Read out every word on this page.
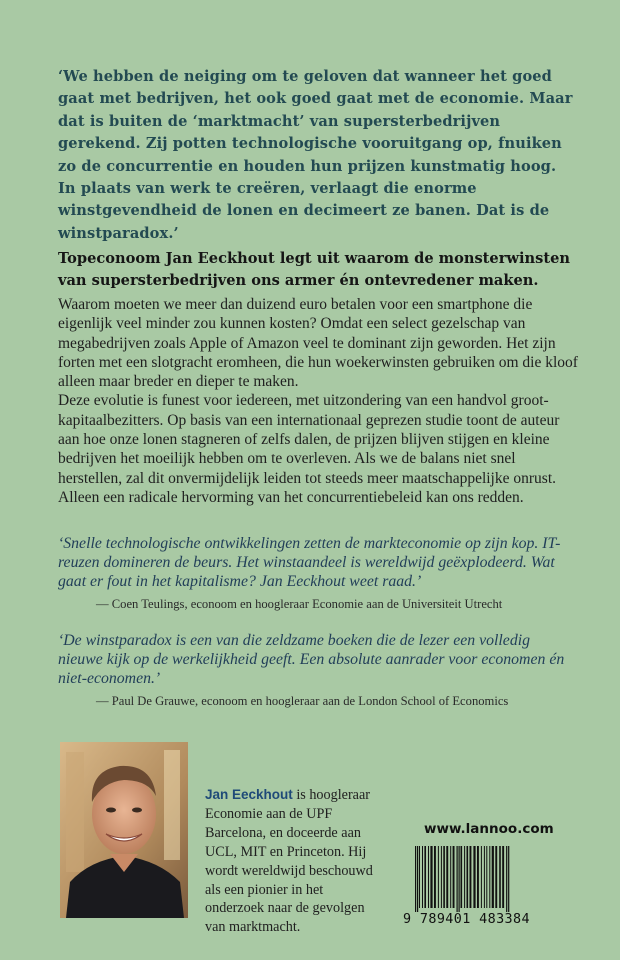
‘We hebben de neiging om te geloven dat wanneer het goed gaat met bedrijven, het ook goed gaat met de economie. Maar dat is buiten de ‘marktmacht’ van supersterbedrijven gerekend. Zij potten technologische vooruitgang op, fnuiken zo de concurrentie en houden hun prijzen kunstmatig hoog. In plaats van werk te creëren, verlaagt die enorme winstgevendheid de lonen en decimeert ze banen. Dat is de winstparadox.’
Topeconoom Jan Eeckhout legt uit waarom de monsterwinsten van supersterbedrijven ons armer én ontevredener maken.

Waarom moeten we meer dan duizend euro betalen voor een smartphone die eigenlijk veel minder zou kunnen kosten? Omdat een select gezelschap van megabedrijven zoals Apple of Amazon veel te dominant zijn geworden. Het zijn forten met een slotgracht eromheen, die hun woekerwinsten gebruiken om die kloof alleen maar breder en dieper te maken.

Deze evolutie is funest voor iedereen, met uitzondering van een handvol groot-kapitaalbezitters. Op basis van een internationaal geprezen studie toont de auteur aan hoe onze lonen stagneren of zelfs dalen, de prijzen blijven stijgen en kleine bedrijven het moeilijk hebben om te overleven. Als we de balans niet snel herstellen, zal dit onvermijdelijk leiden tot steeds meer maatschappelijke onrust. Alleen een radicale hervorming van het concurrentiebeleid kan ons redden.

‘Snelle technologische ontwikkelingen zetten de markteconomie op zijn kop. IT-reuzen domineren de beurs. Het winstaandeel is wereldwijd geëxplodeerd. Wat gaat er fout in het kapitalisme? Jan Eeckhout weet raad.’
— Coen Teulings, econoom en hoogleraar Economie aan de Universiteit Utrecht
‘De winstparadox is een van die zeldzame boeken die de lezer een volledig nieuwe kijk op de werkelijkheid geeft. Een absolute aanrader voor economen én niet-economen.’
— Paul De Grauwe, econoom en hoogleraar aan de London School of Economics
Jan Eeckhout is hoogleraar Economie aan de UPF Barcelona, en doceerde aan UCL, MIT en Princeton. Hij wordt wereldwijd beschouwd als een pionier in het onderzoek naar de gevolgen van marktmacht.
www.lannoo.com
9 789401 483384
